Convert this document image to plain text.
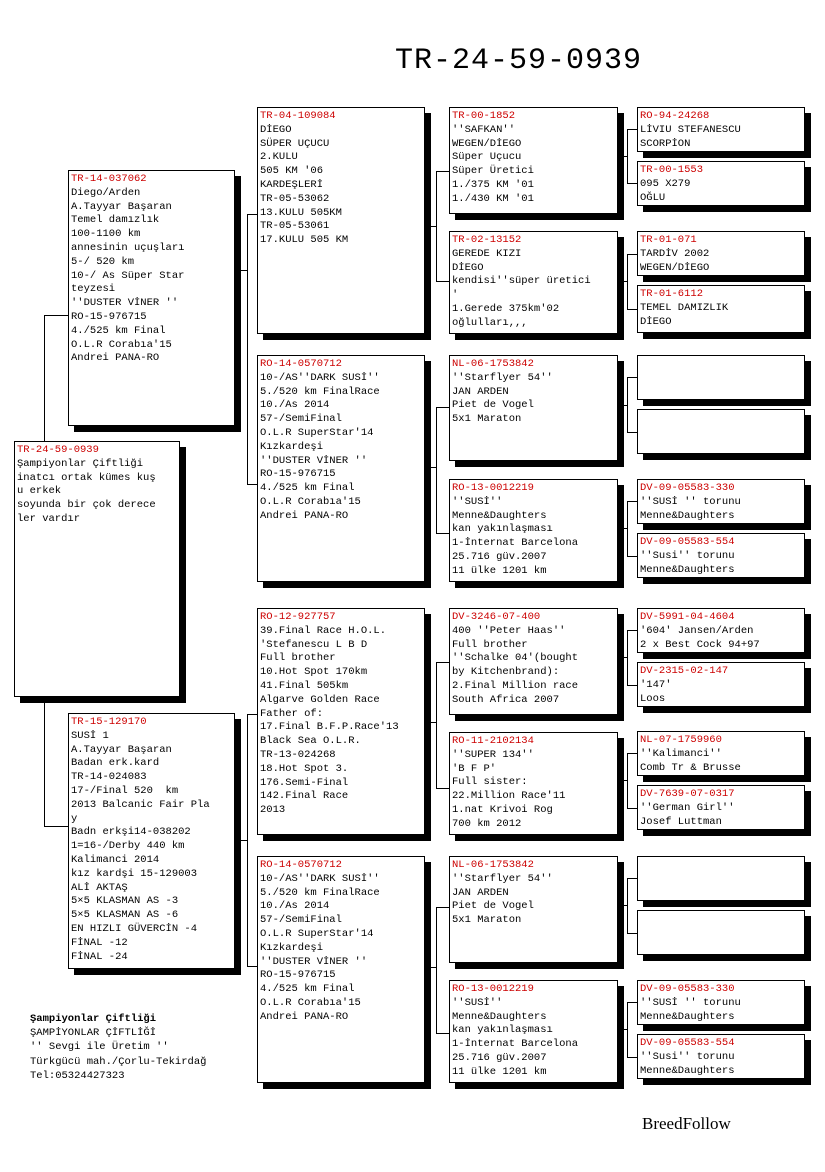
TR-24-59-0939
TR-24-59-0939
Şampiyonlar Çiftliği
inatcı ortak kümes kuş
u erkek
soyunda bir çok derece
ler vardır
TR-14-037062
Diego/Arden
A.Tayyar Başaran
Temel damızlık
100-1100 km
annesinin uçuşları
5-/ 520 km
10-/ As Süper Star
teyzesi
''DUSTER VİNER ''
RO-15-976715
4./525 km Final
O.L.R Corabıa'15
Andrei PANA-RO
TR-15-129170
SUSİ 1
A.Tayyar Başaran
Badan erk.kard
TR-14-024083
17-/Final 520  km
2013 Balcanic Fair Pla
y
Badn erkşi14-038202
1=16-/Derby 440 km
Kalimanci 2014
kız kardşi 15-129003
ALİ AKTAŞ
5×5 KLASMAN AS -3
5×5 KLASMAN AS -6
EN HIZLI GÜVERCİN -4
FİNAL -12
FİNAL -24
TR-04-109084
DİEGO
SÜPER UÇUCU
2.KULU
505 KM '06
KARDEŞLERİ
TR-05-53062
13.KULU 505KM
TR-05-53061
17.KULU 505 KM
RO-14-0570712
10-/AS''DARK SUSİ''
5./520 km FinalRace
10./As 2014
57-/SemiFinal
O.L.R SuperStar'14
Kızkardeşi
''DUSTER VİNER ''
RO-15-976715
4./525 km Final
O.L.R Corabıa'15
Andrei PANA-RO
RO-12-927757
39.Final Race H.O.L.
'Stefanescu L B D
Full brother
10.Hot Spot 170km
41.Final 505km
Algarve Golden Race
Father of:
17.Final B.F.P.Race'13
Black Sea O.L.R.
TR-13-024268
18.Hot Spot 3.
176.Semi-Final
142.Final Race
2013
RO-14-0570712
10-/AS''DARK SUSİ''
5./520 km FinalRace
10./As 2014
57-/SemiFinal
O.L.R SuperStar'14
Kızkardeşi
''DUSTER VİNER ''
RO-15-976715
4./525 km Final
O.L.R Corabıa'15
Andrei PANA-RO
TR-00-1852
''SAFKAN''
WEGEN/DİEGO
Süper Uçucu
Süper Üretici
1./375 KM '01
1./430 KM '01
TR-02-13152
GEREDE KIZI
DİEGO
kendisi''süper üretici
'
1.Gerede 375km'02
oğlulları,,,
NL-06-1753842
''Starflyer 54''
JAN ARDEN
Piet de Vogel
5x1 Maraton
RO-13-0012219
''SUSİ''
Menne&Daughters
kan yakınlaşması
1-İnternat Barcelona
25.716 güv.2007
11 ülke 1201 km
DV-3246-07-400
400 ''Peter Haas''
Full brother
''Schalke 04'(bought
by Kitchenbrand):
2.Final Million race
South Africa 2007
RO-11-2102134
''SUPER 134''
'B F P'
Full sister:
22.Million Race'11
1.nat Krivoi Rog
700 km 2012
NL-06-1753842
''Starflyer 54''
JAN ARDEN
Piet de Vogel
5x1 Maraton
RO-13-0012219
''SUSİ''
Menne&Daughters
kan yakınlaşması
1-İnternat Barcelona
25.716 güv.2007
11 ülke 1201 km
RO-94-24268
LİVIU STEFANESCU
SCORPİON
TR-00-1553
095 X279
OĞLU
TR-01-071
TARDİV 2002
WEGEN/DİEGO
TR-01-6112
TEMEL DAMIZLIK
DİEGO
DV-09-05583-330
''SUSİ '' torunu
Menne&Daughters
DV-09-05583-554
''Susi'' torunu
Menne&Daughters
DV-5991-04-4604
'604' Jansen/Arden
2 x Best Cock 94+97
DV-2315-02-147
'147'
Loos
NL-07-1759960
''Kalimanci''
Comb Tr & Brusse
DV-7639-07-0317
''German Girl''
Josef Luttman
DV-09-05583-330
''SUSİ '' torunu
Menne&Daughters
DV-09-05583-554
''Susi'' torunu
Menne&Daughters
Şampiyonlar Çiftliği
ŞAMPİYONLAR ÇİFTLİĞİ
'' Sevgi ile Üretim ''
Türkgücü mah./Çorlu-Tekirdağ
Tel:05324427323
BreedFollow
